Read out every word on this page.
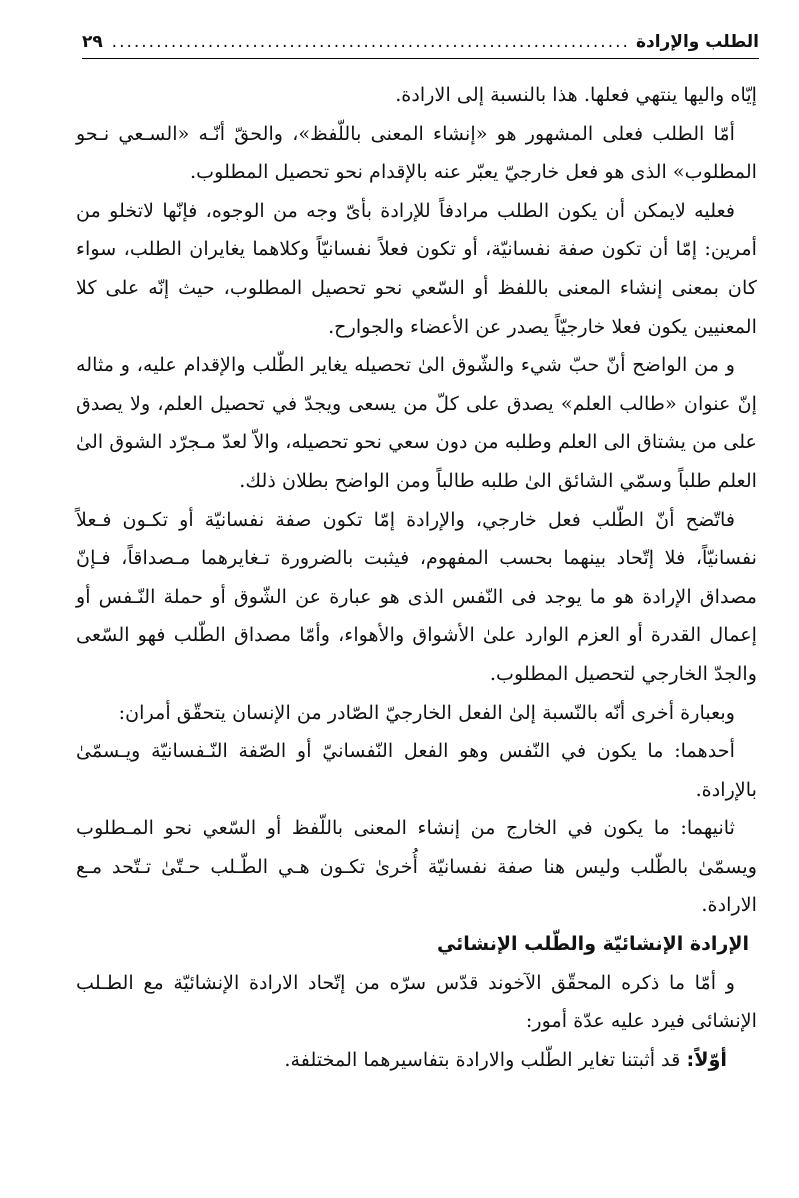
الطلب والإرادة
.....
٢٩

إيّاه واليها ينتهي فعلها. هذا بالنسبة إلى الارادة.

أمّا الطلب فعلى المشهور هو «إنشاء المعنى باللّفظ»، والحقّ أنّـه «السـعي نـحو المطلوب» الذى هو فعل خارجيّ يعبّر عنه بالإقدام نحو تحصيل المطلوب.

فعليه لايمكن أن يكون الطلب مرادفاً للإرادة بأىّ وجه من الوجوه، فإنّها لاتخلو من أمرين: إمّا أن تكون صفة نفسانيّة، أو تكون فعلاً نفسانيّاً وكلاهما يغايران الطلب، سواء كان بمعنى إنشاء المعنى باللفظ أو السّعي نحو تحصيل المطلوب، حيث إنّه على كلا المعنيين يكون فعلا خارجيّاً يصدر عن الأعضاء والجوارح.

و من الواضح أنّ حبّ شيء والشّوق الىٰ تحصيله يغاير الطّلب والإقدام عليه، و مثاله إنّ عنوان «طالب العلم» يصدق على كلّ من يسعى ويجدّ في تحصيل العلم، ولا يصدق على من يشتاق الى العلم وطلبه من دون سعي نحو تحصيله، والاّ لعدّ مـجرّد الشوق الىٰ العلم طلباً وسمّي الشائق الىٰ طلبه طالباً ومن الواضح بطلان ذلك.

فاتّضح أنّ الطّلب فعل خارجي، والإرادة إمّا تكون صفة نفسانيّة أو تكـون فـعلاً نفسانيّاً، فلا إتّحاد بينهما بحسب المفهوم، فيثبت بالضرورة تـغايرهما مـصداقاً، فـإنّ مصداق الإرادة هو ما يوجد فى النّفس الذى هو عبارة عن الشّوق أو حملة النّـفس أو إعمال القدرة أو العزم الوارد علىٰ الأشواق والأهواء، وأمّا مصداق الطّلب فهو السّعى والجدّ الخارجي لتحصيل المطلوب.

وبعبارة أخرى أنّه بالنّسبة إلىٰ الفعل الخارجيّ الصّادر من الإنسان يتحقّق أمران:

أحدهما: ما يكون في النّفس وهو الفعل النّفسانيّ أو الصّفة النّـفسانيّة ويـسمّىٰ بالإرادة.

ثانيهما: ما يكون في الخارج من إنشاء المعنى باللّفظ أو السّعي نحو المـطلوب ويسمّىٰ بالطّلب وليس هنا صفة نفسانيّة أُخرىٰ تكـون هـي الطّـلب حـتّىٰ تـتّحد مـع الارادة.

الإرادة الإنشائيّة والطّلب الإنشائي

و أمّا ما ذكره المحقّق الآخوند قدّس سرّه من إتّحاد الارادة الإنشائيّة مع الطـلب الإنشائى فيرد عليه عدّة أمور:

أوّلاً: قد أثبتنا تغاير الطّلب والارادة بتفاسيرهما المختلفة.
